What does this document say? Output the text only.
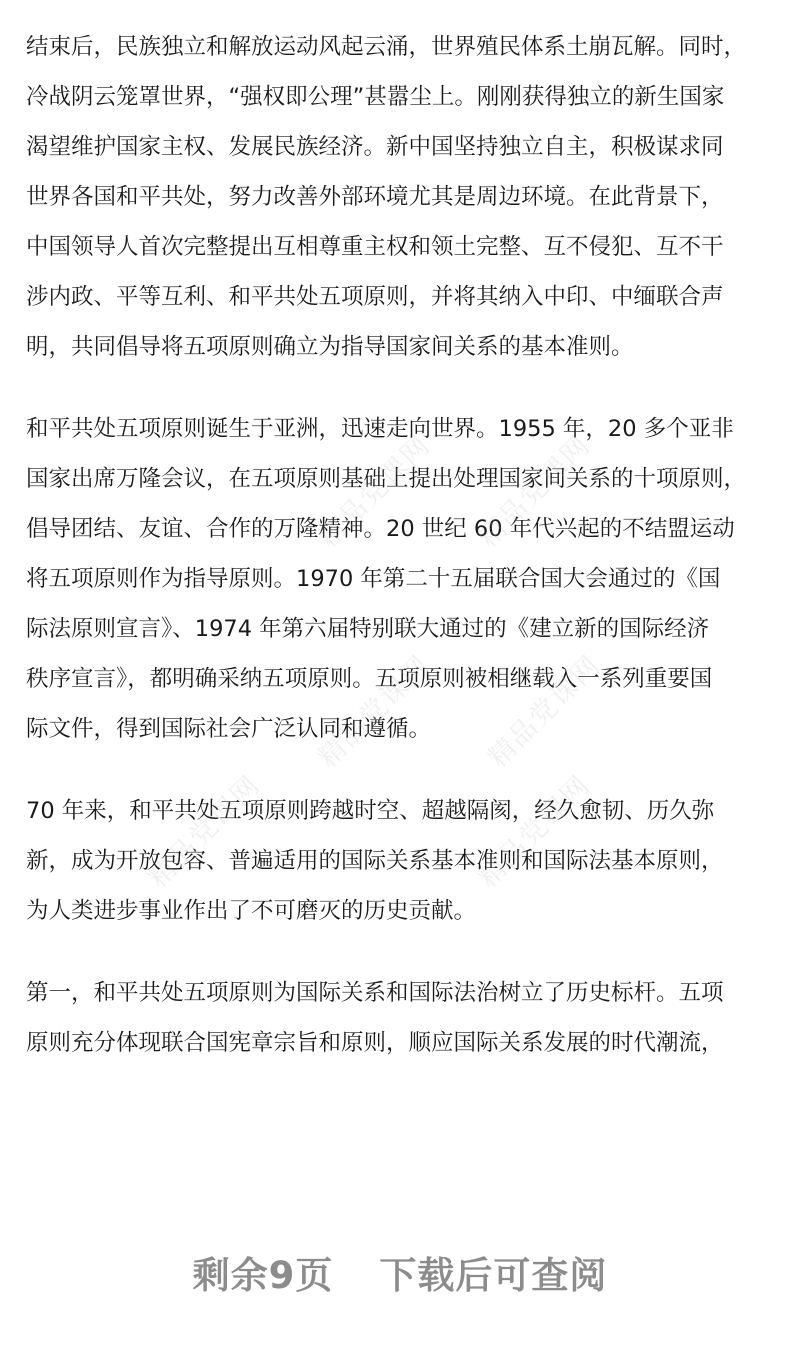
结束后，民族独立和解放运动风起云涌，世界殖民体系土崩瓦解。同时，
冷战阴云笼罩世界，“强权即公理”甚嚣尘上。刚刚获得独立的新生国家
渴望维护国家主权、发展民族经济。新中国坚持独立自主，积极谋求同
世界各国和平共处，努力改善外部环境尤其是周边环境。在此背景下，
中国领导人首次完整提出互相尊重主权和领土完整、互不侵犯、互不干
涉内政、平等互利、和平共处五项原则，并将其纳入中印、中缅联合声
明，共同倡导将五项原则确立为指导国家间关系的基本准则。

和平共处五项原则诞生于亚洲，迅速走向世界。1955 年，20 多个亚非
国家出席万隆会议，在五项原则基础上提出处理国家间关系的十项原则，
倡导团结、友谊、合作的万隆精神。20 世纪 60 年代兴起的不结盟运动
将五项原则作为指导原则。1970 年第二十五届联合国大会通过的《国
际法原则宣言》、1974 年第六届特别联大通过的《建立新的国际经济
秩序宣言》，都明确采纳五项原则。五项原则被相继载入一系列重要国
际文件，得到国际社会广泛认同和遵循。

70 年来，和平共处五项原则跨越时空、超越隔阂，经久愈韧、历久弥
新，成为开放包容、普遍适用的国际关系基本准则和国际法基本原则，
为人类进步事业作出了不可磨灭的历史贡献。

第一，和平共处五项原则为国际关系和国际法治树立了历史标杆。五项
原则充分体现联合国宪章宗旨和原则，顺应国际关系发展的时代潮流，

精品党课网 精品党课网
精品党课网 精品党课网
精品党课网	精品党课网
剩余9页 下载后可查阅
